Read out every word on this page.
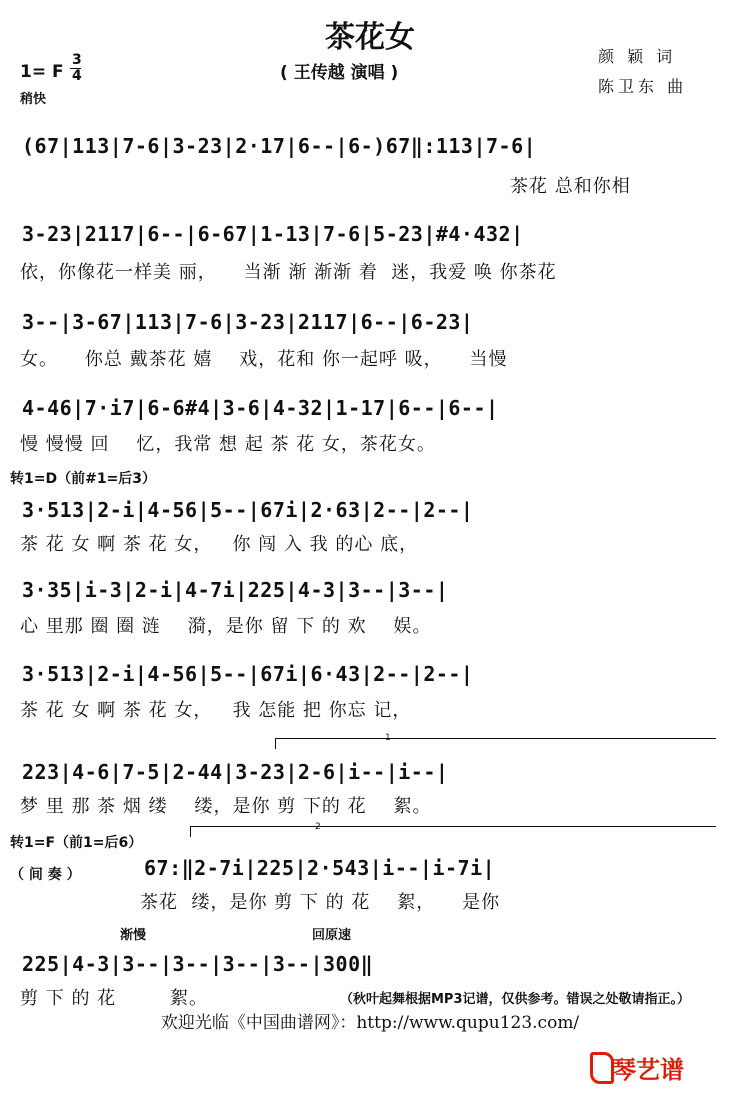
茶花女
( 王传越 演唱 )
1= F
3
4
稍快
颜 颖 词
陈卫东 曲
(67|113|7-6|3-23|2·17|6--|6-)67‖:113|7-6|
茶花 总和你相
3-23|2117|6--|6-67|1-13|7-6|5-23|#4·432|
依，你像花一样美 丽，    当渐 渐 渐渐 着  迷，我爱 唤 你茶花
3--|3-67|113|7-6|3-23|2117|6--|6-23|
女。    你总 戴茶花 嬉    戏，花和 你一起呼 吸，    当慢
4-46|7·i7|6-6#4|3-6|4-32|1-17|6--|6--|
慢 慢慢 回    忆，我常 想 起 茶 花 女，茶花女。
转1=D（前#1=后3）
3·513|2-i|4-56|5--|67i|2·63|2--|2--|
茶 花 女 啊 茶 花 女，   你 闯 入 我 的心 底，
3·35|i-3|2-i|4-7i|225|4-3|3--|3--|
心 里那 圈 圈 涟    漪，是你 留 下 的 欢    娱。
3·513|2-i|4-56|5--|67i|6·43|2--|2--|
茶 花 女 啊 茶 花 女，   我 怎能 把 你忘 记，
1
223|4-6|7-5|2-44|3-23|2-6|i--|i--|
梦 里 那 茶 烟 缕    缕，是你 剪 下的 花    絮。
转1=F（前1=后6）
2
（ 间 奏 ）	67:‖2-7i|225|2·543|i--|i-7i|
茶花  缕，是你 剪 下 的 花    絮，    是你
渐慢	回原速
225|4-3|3--|3--|3--|3--|300‖
剪 下 的 花        絮。	（秋叶起舞根据MP3记谱，仅供参考。错误之处敬请指正。）
欢迎光临《中国曲谱网》：http://www.qupu123.com/
琴艺谱
